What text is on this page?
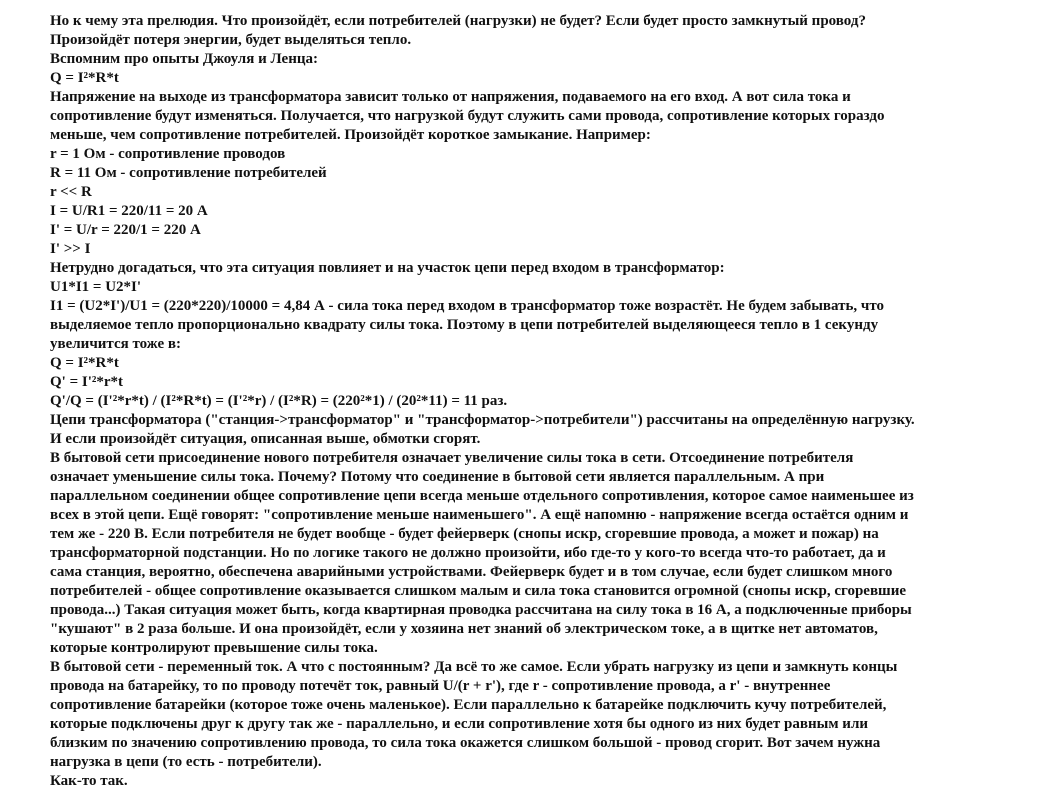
Но к чему эта прелюдия. Что произойдёт, если потребителей (нагрузки) не будет? Если будет просто замкнутый провод?
Произойдёт потеря энергии, будет выделяться тепло.
Вспомним про опыты Джоуля и Ленца:
Q = I²*R*t
Напряжение на выходе из трансформатора зависит только от напряжения, подаваемого на его вход. А вот сила тока и
сопротивление будут изменяться. Получается, что нагрузкой будут служить сами провода, сопротивление которых гораздо
меньше, чем сопротивление потребителей. Произойдёт короткое замыкание. Например:
r = 1 Ом - сопротивление проводов
R = 11 Ом - сопротивление потребителей
r << R
I = U/R1 = 220/11 = 20 А
I' = U/r = 220/1 = 220 А
I' >> I
Нетрудно догадаться, что эта ситуация повлияет и на участок цепи перед входом в трансформатор:
U1*I1 = U2*I'
I1 = (U2*I')/U1 = (220*220)/10000 = 4,84 А - сила тока перед входом в трансформатор тоже возрастёт. Не будем забывать, что
выделяемое тепло пропорционально квадрату силы тока. Поэтому в цепи потребителей выделяющееся тепло в 1 секунду
увеличится тоже в:
Q = I²*R*t
Q' = I'²*r*t
Q'/Q = (I'²*r*t) / (I²*R*t) = (I'²*r) / (I²*R) = (220²*1) / (20²*11) = 11 раз.
Цепи трансформатора ("станция->трансформатор" и "трансформатор->потребители") рассчитаны на определённую нагрузку.
И если произойдёт ситуация, описанная выше, обмотки сгорят.
В бытовой сети присоединение нового потребителя означает увеличение силы тока в сети. Отсоединение потребителя
означает уменьшение силы тока. Почему? Потому что соединение в бытовой сети является параллельным. А при
параллельном соединении общее сопротивление цепи всегда меньше отдельного сопротивления, которое самое наименьшее из
всех в этой цепи. Ещё говорят: "сопротивление меньше наименьшего". А ещё напомню - напряжение всегда остаётся одним и
тем же - 220 В. Если потребителя не будет вообще - будет фейерверк (снопы искр, сгоревшие провода, а может и пожар) на
трансформаторной подстанции. Но по логике такого не должно произойти, ибо где-то у кого-то всегда что-то работает, да и
сама станция, вероятно, обеспечена аварийными устройствами. Фейерверк будет и в том случае, если будет слишком много
потребителей - общее сопротивление оказывается слишком малым и сила тока становится огромной (снопы искр, сгоревшие
провода...) Такая ситуация может быть, когда квартирная проводка рассчитана на силу тока в 16 А, а подключенные приборы
"кушают" в 2 раза больше. И она произойдёт, если у хозяина нет знаний об электрическом токе, а в щитке нет автоматов,
которые контролируют превышение силы тока.
В бытовой сети - переменный ток. А что с постоянным? Да всё то же самое. Если убрать нагрузку из цепи и замкнуть концы
провода на батарейку, то по проводу потечёт ток, равный U/(r + r'), где r - сопротивление провода, а r' - внутреннее
сопротивление батарейки (которое тоже очень маленькое). Если параллельно к батарейке подключить кучу потребителей,
которые подключены друг к другу так же - параллельно, и если сопротивление хотя бы одного из них будет равным или
близким по значению сопротивлению провода, то сила тока окажется слишком большой - провод сгорит. Вот зачем нужна
нагрузка в цепи (то есть - потребители).
Как-то так.
